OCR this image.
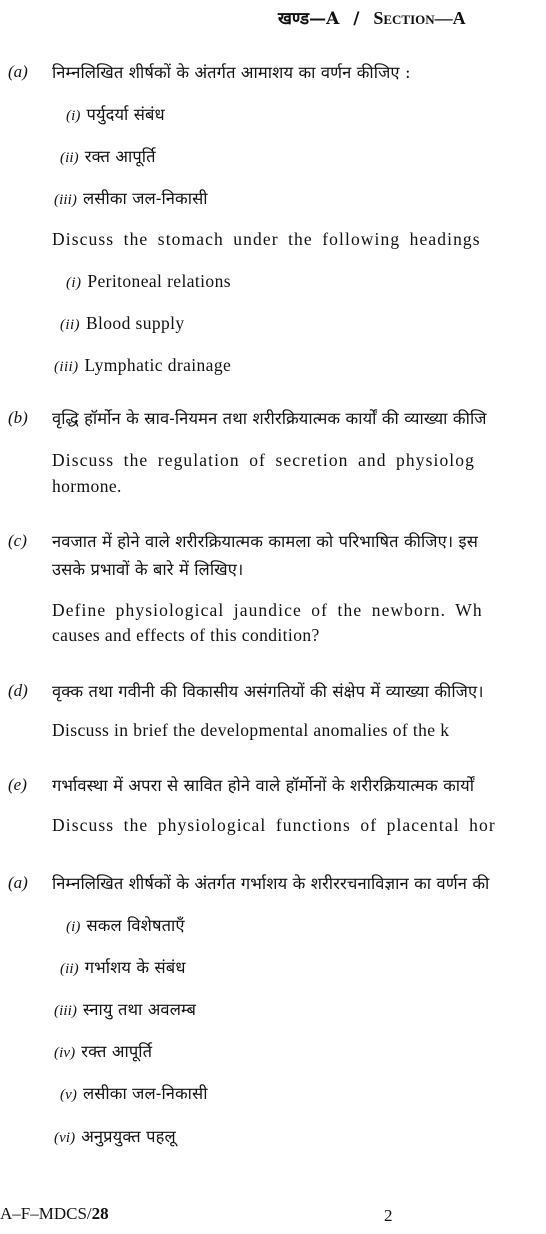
खण्ड—A / Section—A
(a) निम्नलिखित शीर्षकों के अंतर्गत आमाशय का वर्णन कीजिए :
(i) पर्युदर्या संबंध
(ii) रक्त आपूर्ति
(iii) लसीका जल-निकासी
Discuss the stomach under the following headings
(i) Peritoneal relations
(ii) Blood supply
(iii) Lymphatic drainage
(b) वृद्धि हॉर्मोन के स्राव-नियमन तथा शरीरक्रियात्मक कार्यों की व्याख्या कीजि
Discuss the regulation of secretion and physiolog
hormone.
(c) नवजात में होने वाले शरीरक्रियात्मक कामला को परिभाषित कीजिए। इस
उसके प्रभावों के बारे में लिखिए।
Define physiological jaundice of the newborn. Wh
causes and effects of this condition?
(d) वृक्क तथा गवीनी की विकासीय असंगतियों की संक्षेप में व्याख्या कीजिए।
Discuss in brief the developmental anomalies of the k
(e) गर्भावस्था में अपरा से स्रावित होने वाले हॉर्मोनों के शरीरक्रियात्मक कार्यों
Discuss the physiological functions of placental hor
(a) निम्नलिखित शीर्षकों के अंतर्गत गर्भाशय के शरीररचनाविज्ञान का वर्णन की
(i) सकल विशेषताएँ
(ii) गर्भाशय के संबंध
(iii) स्नायु तथा अवलम्ब
(iv) रक्त आपूर्ति
(v) लसीका जल-निकासी
(vi) अनुप्रयुक्त पहलू
A–F–MDCS/28	2
